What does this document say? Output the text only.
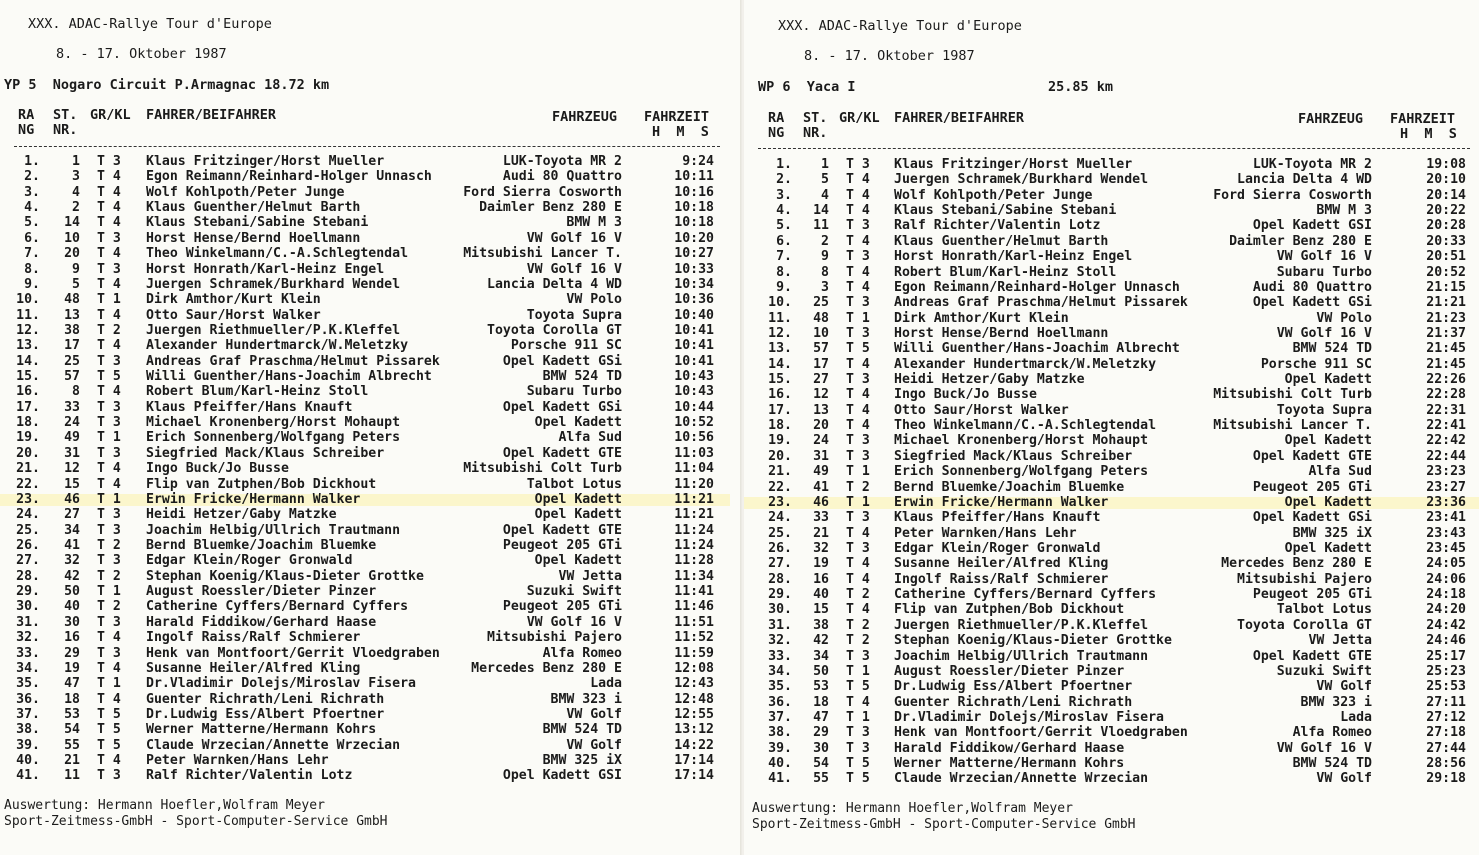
XXX. ADAC-Rallye Tour d'Europe
8. - 17. Oktober 1987
ΥP 5  Nogaro Circuit P.Armagnac 18.72 km
RA
NG
ST.
NR.
GR/KL FAHRER/BEIFAHRER	FAHRZEUG FAHRZEIT
H  M  S
1.	1 T 3	Klaus Fritzinger/Horst Mueller	LUK-Toyota MR 2	9:24
2.	3 T 4	Egon Reimann/Reinhard-Holger Unnasch	Audi 80 Quattro	10:11
3.	4 T 4	Wolf Kohlpoth/Peter Junge	Ford Sierra Cosworth	10:16
4.	2 T 4	Klaus Guenther/Helmut Barth	Daimler Benz 280 E	10:18
5.	14 T 4	Klaus Stebani/Sabine Stebani	BMW M 3	10:18
6.	10 T 3	Horst Hense/Bernd Hoellmann	VW Golf 16 V	10:20
7.	20 T 4	Theo Winkelmann/C.-A.Schlegtendal	Mitsubishi Lancer T.	10:27
8.	9 T 3	Horst Honrath/Karl-Heinz Engel	VW Golf 16 V	10:33
9.	5 T 4	Juergen Schramek/Burkhard Wendel	Lancia Delta 4 WD	10:34
10.	48 T 1	Dirk Amthor/Kurt Klein	VW Polo	10:36
11.	13 T 4	Otto Saur/Horst Walker	Toyota Supra	10:40
12.	38 T 2	Juergen Riethmueller/P.K.Kleffel	Toyota Corolla GT	10:41
13.	17 T 4	Alexander Hundertmarck/W.Meletzky	Porsche 911 SC	10:41
14.	25 T 3	Andreas Graf Praschma/Helmut Pissarek	Opel Kadett GSi	10:41
15.	57 T 5	Willi Guenther/Hans-Joachim Albrecht	BMW 524 TD	10:43
16.	8 T 4	Robert Blum/Karl-Heinz Stoll	Subaru Turbo	10:43
17.	33 T 3	Klaus Pfeiffer/Hans Knauft	Opel Kadett GSi	10:44
18.	24 T 3	Michael Kronenberg/Horst Mohaupt	Opel Kadett	10:52
19.	49 T 1	Erich Sonnenberg/Wolfgang Peters	Alfa Sud	10:56
20.	31 T 3	Siegfried Mack/Klaus Schreiber	Opel Kadett GTE	11:03
21.	12 T 4	Ingo Buck/Jo Busse	Mitsubishi Colt Turb	11:04
22.	15 T 4	Flip van Zutphen/Bob Dickhout	Talbot Lotus	11:20
23.	46 T 1	Erwin Fricke/Hermann Walker	Opel Kadett	11:21
24.	27 T 3	Heidi Hetzer/Gaby Matzke	Opel Kadett	11:21
25.	34 T 3	Joachim Helbig/Ullrich Trautmann	Opel Kadett GTE	11:24
26.	41 T 2	Bernd Bluemke/Joachim Bluemke	Peugeot 205 GTi	11:24
27.	32 T 3	Edgar Klein/Roger Gronwald	Opel Kadett	11:28
28.	42 T 2	Stephan Koenig/Klaus-Dieter Grottke	VW Jetta	11:34
29.	50 T 1	August Roessler/Dieter Pinzer	Suzuki Swift	11:41
30.	40 T 2	Catherine Cyffers/Bernard Cyffers	Peugeot 205 GTi	11:46
31.	30 T 3	Harald Fiddikow/Gerhard Haase	VW Golf 16 V	11:51
32.	16 T 4	Ingolf Raiss/Ralf Schmierer	Mitsubishi Pajero	11:52
33.	29 T 3	Henk van Montfoort/Gerrit Vloedgraben	Alfa Romeo	11:59
34.	19 T 4	Susanne Heiler/Alfred Kling	Mercedes Benz 280 E	12:08
35.	47 T 1	Dr.Vladimir Dolejs/Miroslav Fisera	Lada	12:43
36.	18 T 4	Guenter Richrath/Leni Richrath	BMW 323 i	12:48
37.	53 T 5	Dr.Ludwig Ess/Albert Pfoertner	VW Golf	12:55
38.	54 T 5	Werner Matterne/Hermann Kohrs	BMW 524 TD	13:12
39.	55 T 5	Claude Wrzecian/Annette Wrzecian	VW Golf	14:22
40.	21 T 4	Peter Warnken/Hans Lehr	BMW 325 iX	17:14
41.	11 T 3	Ralf Richter/Valentin Lotz	Opel Kadett GSI	17:14
Auswertung: Hermann Hoefler,Wolfram Meyer
Sport-Zeitmess-GmbH - Sport-Computer-Service GmbH
XXX. ADAC-Rallye Tour d'Europe
8. - 17. Oktober 1987
WP 6  Yaca I	25.85 km
RA
NG
ST.
NR.
GR/KL FAHRER/BEIFAHRER	FAHRZEUG FAHRZEIT
H  M  S
1.	1 T 3	Klaus Fritzinger/Horst Mueller	LUK-Toyota MR 2	19:08
2.	5 T 4	Juergen Schramek/Burkhard Wendel	Lancia Delta 4 WD	20:10
3.	4 T 4	Wolf Kohlpoth/Peter Junge	Ford Sierra Cosworth	20:14
4.	14 T 4	Klaus Stebani/Sabine Stebani	BMW M 3	20:22
5.	11 T 3	Ralf Richter/Valentin Lotz	Opel Kadett GSI	20:28
6.	2 T 4	Klaus Guenther/Helmut Barth	Daimler Benz 280 E	20:33
7.	9 T 3	Horst Honrath/Karl-Heinz Engel	VW Golf 16 V	20:51
8.	8 T 4	Robert Blum/Karl-Heinz Stoll	Subaru Turbo	20:52
9.	3 T 4	Egon Reimann/Reinhard-Holger Unnasch	Audi 80 Quattro	21:15
10.	25 T 3	Andreas Graf Praschma/Helmut Pissarek	Opel Kadett GSi	21:21
11.	48 T 1	Dirk Amthor/Kurt Klein	VW Polo	21:23
12.	10 T 3	Horst Hense/Bernd Hoellmann	VW Golf 16 V	21:37
13.	57 T 5	Willi Guenther/Hans-Joachim Albrecht	BMW 524 TD	21:45
14.	17 T 4	Alexander Hundertmarck/W.Meletzky	Porsche 911 SC	21:45
15.	27 T 3	Heidi Hetzer/Gaby Matzke	Opel Kadett	22:26
16.	12 T 4	Ingo Buck/Jo Busse	Mitsubishi Colt Turb	22:28
17.	13 T 4	Otto Saur/Horst Walker	Toyota Supra	22:31
18.	20 T 4	Theo Winkelmann/C.-A.Schlegtendal	Mitsubishi Lancer T.	22:41
19.	24 T 3	Michael Kronenberg/Horst Mohaupt	Opel Kadett	22:42
20.	31 T 3	Siegfried Mack/Klaus Schreiber	Opel Kadett GTE	22:44
21.	49 T 1	Erich Sonnenberg/Wolfgang Peters	Alfa Sud	23:23
22.	41 T 2	Bernd Bluemke/Joachim Bluemke	Peugeot 205 GTi	23:27
23.	46 T 1	Erwin Fricke/Hermann Walker	Opel Kadett	23:36
24.	33 T 3	Klaus Pfeiffer/Hans Knauft	Opel Kadett GSi	23:41
25.	21 T 4	Peter Warnken/Hans Lehr	BMW 325 iX	23:43
26.	32 T 3	Edgar Klein/Roger Gronwald	Opel Kadett	23:45
27.	19 T 4	Susanne Heiler/Alfred Kling	Mercedes Benz 280 E	24:05
28.	16 T 4	Ingolf Raiss/Ralf Schmierer	Mitsubishi Pajero	24:06
29.	40 T 2	Catherine Cyffers/Bernard Cyffers	Peugeot 205 GTi	24:18
30.	15 T 4	Flip van Zutphen/Bob Dickhout	Talbot Lotus	24:20
31.	38 T 2	Juergen Riethmueller/P.K.Kleffel	Toyota Corolla GT	24:42
32.	42 T 2	Stephan Koenig/Klaus-Dieter Grottke	VW Jetta	24:46
33.	34 T 3	Joachim Helbig/Ullrich Trautmann	Opel Kadett GTE	25:17
34.	50 T 1	August Roessler/Dieter Pinzer	Suzuki Swift	25:23
35.	53 T 5	Dr.Ludwig Ess/Albert Pfoertner	VW Golf	25:53
36.	18 T 4	Guenter Richrath/Leni Richrath	BMW 323 i	27:11
37.	47 T 1	Dr.Vladimir Dolejs/Miroslav Fisera	Lada	27:12
38.	29 T 3	Henk van Montfoort/Gerrit Vloedgraben	Alfa Romeo	27:18
39.	30 T 3	Harald Fiddikow/Gerhard Haase	VW Golf 16 V	27:44
40.	54 T 5	Werner Matterne/Hermann Kohrs	BMW 524 TD	28:56
41.	55 T 5	Claude Wrzecian/Annette Wrzecian	VW Golf	29:18
Auswertung: Hermann Hoefler,Wolfram Meyer
Sport-Zeitmess-GmbH - Sport-Computer-Service GmbH
